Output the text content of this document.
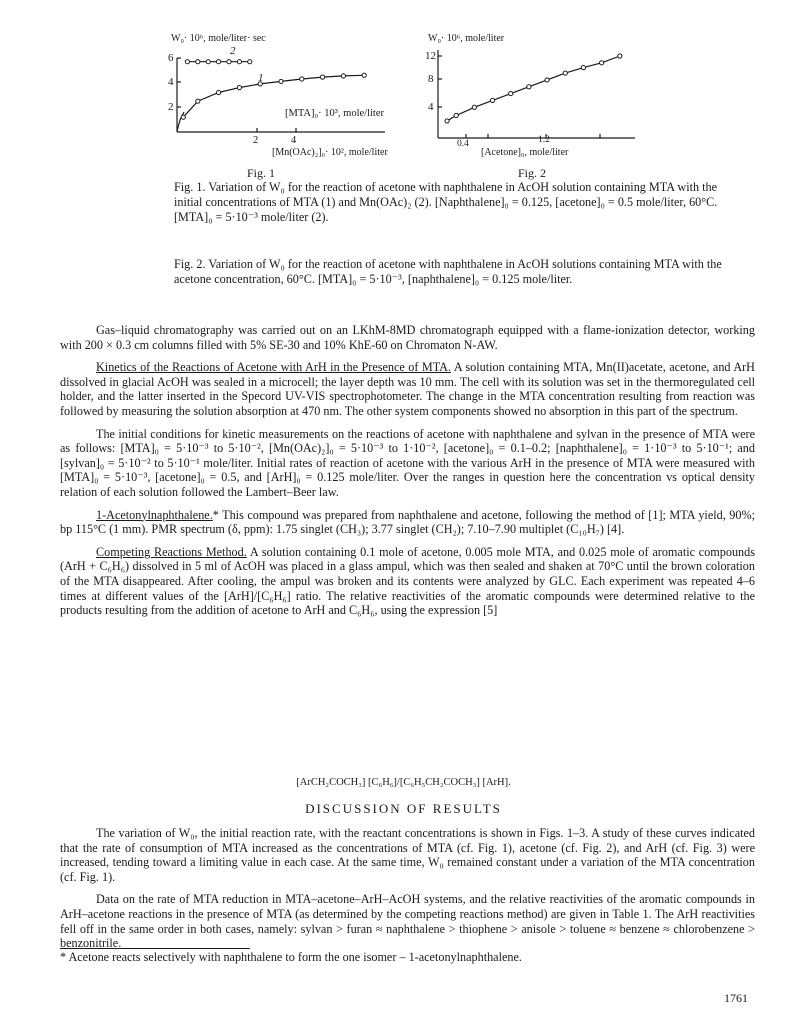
W₀· 10⁶, mole/liter· sec
6
4
2
2
1
[MTA]₀· 10³, mole/liter
2	4
[Mn(OAc)₂]₀· 10², mole/liter
Fig. 1
W₀· 10⁶, mole/liter
12
8
4
0.4	1.2
[Acetone]₀, mole/liter
Fig. 2
Fig. 1. Variation of W₀ for the reaction of acetone with naphthalene in AcOH solution containing MTA with the initial concentrations of MTA (1) and Mn(OAc)₂ (2). [Naphthalene]₀ = 0.125, [acetone]₀ = 0.5 mole/liter, 60°C. [MTA]₀ = 5·10⁻³ mole/liter (2).
Fig. 2. Variation of W₀ for the reaction of acetone with naphthalene in AcOH solutions containing MTA with the acetone concentration, 60°C. [MTA]₀ = 5·10⁻³, [naphthalene]₀ = 0.125 mole/liter.

Gas–liquid chromatography was carried out on an LKhM-8MD chromatograph equipped with a flame-ionization detector, working with 200 × 0.3 cm columns filled with 5% SE-30 and 10% KhE-60 on Chromaton N-AW.

Kinetics of the Reactions of Acetone with ArH in the Presence of MTA. A solution containing MTA, Mn(II)acetate, acetone, and ArH dissolved in glacial AcOH was sealed in a microcell; the layer depth was 10 mm. The cell with its solution was set in the thermoregulated cell holder, and the latter inserted in the Specord UV-VIS spectrophotometer. The change in the MTA concentration resulting from reaction was followed by measuring the solution absorption at 470 nm. The other system components showed no absorption in this part of the spectrum.

The initial conditions for kinetic measurements on the reactions of acetone with naphthalene and sylvan in the presence of MTA were as follows: [MTA]₀ = 5·10⁻³ to 5·10⁻², [Mn(OAc)₂]₀ = 5·10⁻³ to 1·10⁻², [acetone]₀ = 0.1–0.2; [naphthalene]₀ = 1·10⁻³ to 5·10⁻¹; and [sylvan]₀ = 5·10⁻² to 5·10⁻¹ mole/liter. Initial rates of reaction of acetone with the various ArH in the presence of MTA were measured with [MTA]₀ = 5·10⁻³, [acetone]₀ = 0.5, and [ArH]₀ = 0.125 mole/liter. Over the ranges in question here the concentration vs optical density relation of each solution followed the Lambert–Beer law.

1-Acetonylnaphthalene.* This compound was prepared from naphthalene and acetone, following the method of [1]; MTA yield, 90%; bp 115°C (1 mm). PMR spectrum (δ, ppm): 1.75 singlet (CH₃); 3.77 singlet (CH₂); 7.10–7.90 multiplet (C₁₀H₇) [4].

Competing Reactions Method. A solution containing 0.1 mole of acetone, 0.005 mole MTA, and 0.025 mole of aromatic compounds (ArH + C₆H₆) dissolved in 5 ml of AcOH was placed in a glass ampul, which was then sealed and shaken at 70°C until the brown coloration of the MTA disappeared. After cooling, the ampul was broken and its contents were analyzed by GLC. Each experiment was repeated 4–6 times at different values of the [ArH]/[C₆H₆] ratio. The relative reactivities of the aromatic compounds were determined relative to the products resulting from the addition of acetone to ArH and C₆H₆, using the expression [5]

[ArCH₂COCH₃] [C₆H₆]/[C₆H₅CH₂COCH₃] [ArH].
DISCUSSION OF RESULTS

The variation of W₀, the initial reaction rate, with the reactant concentrations is shown in Figs. 1–3. A study of these curves indicated that the rate of consumption of MTA increased as the concentrations of MTA (cf. Fig. 1), acetone (cf. Fig. 2), and ArH (cf. Fig. 3) were increased, tending toward a limiting value in each case. At the same time, W₀ remained constant under a variation of the MTA concentration (cf. Fig. 1).

Data on the rate of MTA reduction in MTA–acetone–ArH–AcOH systems, and the relative reactivities of the aromatic compounds in ArH–acetone reactions in the presence of MTA (as determined by the competing reactions method) are given in Table 1. The ArH reactivities fell off in the same order in both cases, namely: sylvan > furan ≈ naphthalene > thiophene > anisole > toluene ≈ benzene ≈ chlorobenzene > benzonitrile.

* Acetone reacts selectively with naphthalene to form the one isomer – 1-acetonylnaphthalene.
1761
